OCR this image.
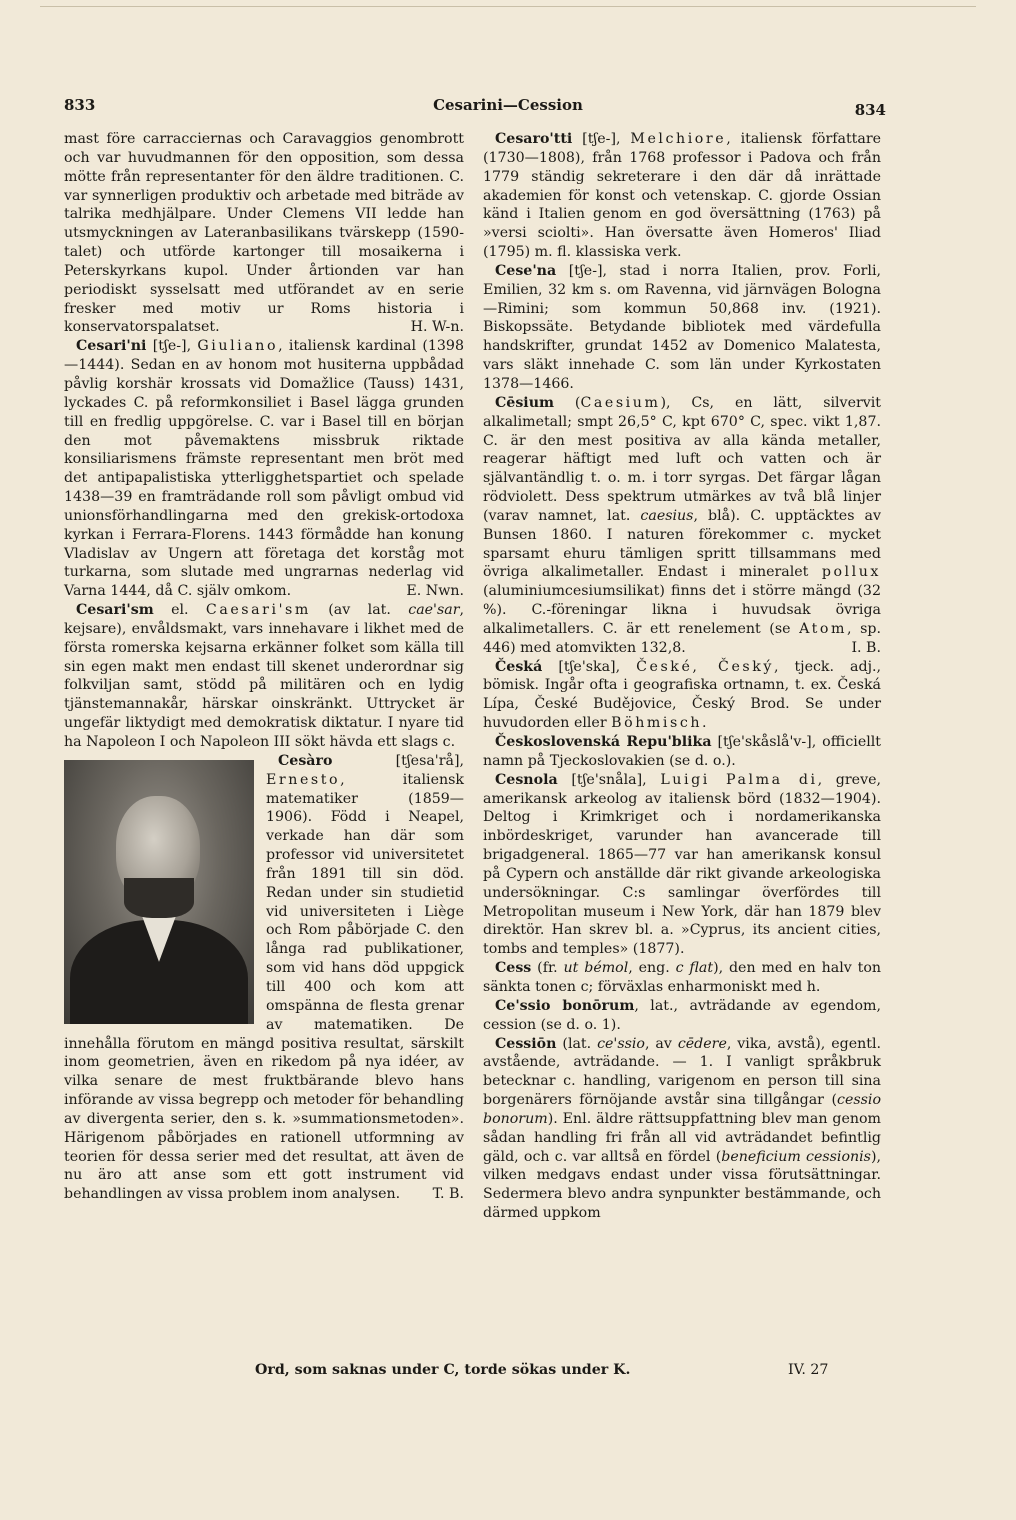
833	Cesarini—Cession	834

mast före carracciernas och Caravaggios genombrott och var huvudmannen för den opposition, som dessa mötte från representanter för den äldre traditionen. C. var synnerligen produktiv och arbetade med biträde av talrika medhjälpare. Under Clemens VII ledde han utsmyckningen av Lateranbasilikans tvärskepp (1590-talet) och utförde kartonger till mosaikerna i Peterskyrkans kupol. Under årtionden var han periodiskt sysselsatt med utförandet av en serie fresker med motiv ur Roms historia i konservatorspalatset.	H. W-n.

Cesari'ni [tʃe-], Giuliano, italiensk kardinal (1398—1444). Sedan en av honom mot husiterna uppbådad påvlig korshär krossats vid Domažlice (Tauss) 1431, lyckades C. på reformkonsiliet i Basel lägga grunden till en fredlig uppgörelse. C. var i Basel till en början den mot påvemaktens missbruk riktade konsiliarismens främste representant men bröt med det antipapalistiska ytterligghetspartiet och spelade 1438—39 en framträdande roll som påvligt ombud vid unionsförhandlingarna med den grekisk-ortodoxa kyrkan i Ferrara-Florens. 1443 förmådde han konung Vladislav av Ungern att företaga det korståg mot turkarna, som slutade med ungrarnas nederlag vid Varna 1444, då C. själv omkom.	E. Nwn.

Cesari'sm el. Caesari'sm (av lat. cae'sar, kejsare), envåldsmakt, vars innehavare i likhet med de första romerska kejsarna erkänner folket som källa till sin egen makt men endast till skenet underordnar sig folkviljan samt, stödd på militären och en lydig tjänstemannakår, härskar oinskränkt. Uttrycket är ungefär liktydigt med demokratisk diktatur. I nyare tid ha Napoleon I och Napoleon III sökt hävda ett slags c.

Cesàro [tʃesa'rå], Ernesto, italiensk matematiker (1859—1906). Född i Neapel, verkade han där som professor vid universitetet från 1891 till sin död. Redan under sin studietid vid universiteten i Liège och Rom påbörjade C. den långa rad publikationer, som vid hans död uppgick till 400 och kom att omspänna de flesta grenar av matematiken. De innehålla förutom en mängd positiva resultat, särskilt inom geometrien, även en rikedom på nya idéer, av vilka senare de mest fruktbärande blevo hans införande av vissa begrepp och metoder för behandling av divergenta serier, den s. k. »summationsmetoden». Härigenom påbörjades en rationell utformning av teorien för dessa serier med det resultat, att även de nu äro att anse som ett gott instrument vid behandlingen av vissa problem inom analysen.	T. B.

Cesaro'tti [tʃe-], Melchiore, italiensk författare (1730—1808), från 1768 professor i Padova och från 1779 ständig sekreterare i den där då inrättade akademien för konst och vetenskap. C. gjorde Ossian känd i Italien genom en god översättning (1763) på »versi sciolti». Han översatte även Homeros' Iliad (1795) m. fl. klassiska verk.

Cese'na [tʃe-], stad i norra Italien, prov. Forli, Emilien, 32 km s. om Ravenna, vid järnvägen Bologna—Rimini; som kommun 50,868 inv. (1921). Biskopssäte. Betydande bibliotek med värdefulla handskrifter, grundat 1452 av Domenico Malatesta, vars släkt innehade C. som län under Kyrkostaten 1378—1466.

Cēsium (Caesium), Cs, en lätt, silvervit alkalimetall; smpt 26,5° C, kpt 670° C, spec. vikt 1,87. C. är den mest positiva av alla kända metaller, reagerar häftigt med luft och vatten och är självantändlig t. o. m. i torr syrgas. Det färgar lågan rödviolett. Dess spektrum utmärkes av två blå linjer (varav namnet, lat. caesius, blå). C. upptäcktes av Bunsen 1860. I naturen förekommer c. mycket sparsamt ehuru tämligen spritt tillsammans med övriga alkalimetaller. Endast i mineralet pollux (aluminiumcesiumsilikat) finns det i större mängd (32 %). C.-föreningar likna i huvudsak övriga alkalimetallers. C. är ett renelement (se Atom, sp. 446) med atomvikten 132,8.	I. B.

Česká [tʃe'ska], České, Český, tjeck. adj., bömisk. Ingår ofta i geografiska ortnamn, t. ex. Česká Lípa, České Budějovice, Český Brod. Se under huvudorden eller Böhmisch.

Československá Repu'blika [tʃe'skåslå'v-], officiellt namn på Tjeckoslovakien (se d. o.).

Cesnola [tʃe'snåla], Luigi Palma di, greve, amerikansk arkeolog av italiensk börd (1832—1904). Deltog i Krimkriget och i nordamerikanska inbördeskriget, varunder han avancerade till brigadgeneral. 1865—77 var han amerikansk konsul på Cypern och anställde där rikt givande arkeologiska undersökningar. C:s samlingar överfördes till Metropolitan museum i New York, där han 1879 blev direktör. Han skrev bl. a. »Cyprus, its ancient cities, tombs and temples» (1877).

Cess (fr. ut bémol, eng. c flat), den med en halv ton sänkta tonen c; förväxlas enharmoniskt med h.

Ce'ssio bonōrum, lat., avträdande av egendom, cession (se d. o. 1).

Cessiōn (lat. ce'ssio, av cēdere, vika, avstå), egentl. avstående, avträdande. — 1. I vanligt språkbruk betecknar c. handling, varigenom en person till sina borgenärers förnöjande avstår sina tillgångar (cessio bonorum). Enl. äldre rättsuppfattning blev man genom sådan handling fri från all vid avträdandet befintlig gäld, och c. var alltså en fördel (beneficium cessionis), vilken medgavs endast under vissa förutsättningar. Sedermera blevo andra synpunkter bestämmande, och därmed uppkom

Ord, som saknas under C, torde sökas under K.	IV. 27
